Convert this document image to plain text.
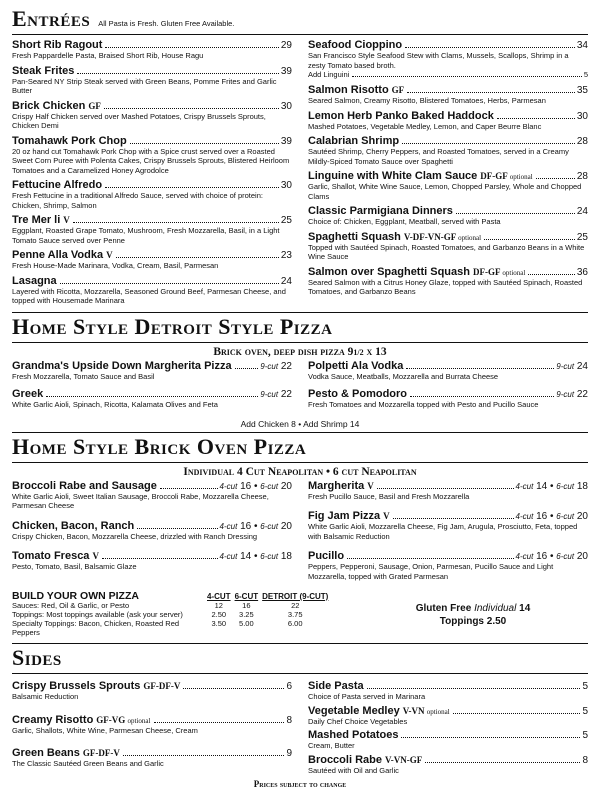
Entrées All Pasta is Fresh. Gluten Free Available.
Short Rib Ragout	29
Fresh Pappardelle Pasta, Braised Short Rib, House Ragu
Steak Frites	39
Pan-Seared NY Strip Steak served with Green Beans, Pomme Frites and Garlic Butter
Brick Chicken GF	30
Crispy Half Chicken served over Mashed Potatoes, Crispy Brussels Sprouts, Chicken Demi
Tomahawk Pork Chop	39
20 oz hand cut Tomahawk Pork Chop with a Spice crust served over a Roasted Sweet Corn Puree with Polenta Cakes, Crispy Brussels Sprouts, Blistered Heirloom Tomatoes and a Caramelized Honey Agrodolce
Fettucine Alfredo	30
Fresh Fettucine in a traditional Alfredo Sauce, served with choice of protein: Chicken, Shrimp, Salmon
Tre Mer li V	25
Eggplant, Roasted Grape Tomato, Mushroom, Fresh Mozzarella, Basil, in a Light Tomato Sauce served over Penne
Penne Alla Vodka V	23
Fresh House-Made Marinara, Vodka, Cream, Basil, Parmesan
Lasagna	24
Layered with Ricotta, Mozzarella, Seasoned Ground Beef, Parmesan Cheese, and topped with Housemade Marinara
Seafood Cioppino	34
San Francisco Style Seafood Stew with Clams, Mussels, Scallops, Shrimp in a zesty Tomato based broth.
Add Linguini	5
Salmon Risotto GF	35
Seared Salmon, Creamy Risotto, Blistered Tomatoes, Herbs, Parmesan
Lemon Herb Panko Baked Haddock	30
Mashed Potatoes, Vegetable Medley, Lemon, and Caper Beurre Blanc
Calabrian Shrimp	28
Sautéed Shrimp, Cherry Peppers, and Roasted Tomatoes, served in a Creamy Mildly-Spiced Tomato Sauce over Spaghetti
Linguine with White Clam Sauce DF-GF optional	28
Garlic, Shallot, White Wine Sauce, Lemon, Chopped Parsley, Whole and Chopped Clams
Classic Parmigiana Dinners	24
Choice of: Chicken, Eggplant, Meatball, served with Pasta
Spaghetti Squash V-DF-VN-GF optional	25
Topped with Sautéed Spinach, Roasted Tomatoes, and Garbanzo Beans in a White Wine Sauce
Salmon over Spaghetti Squash DF-GF optional	36
Seared Salmon with a Citrus Honey Glaze, topped with Sautéed Spinach, Roasted Tomatoes, and Garbanzo Beans
Home Style Detroit Style Pizza
Brick oven, deep dish pizza 91/2 x 13
Grandma's Upside Down Margherita Pizza	9-cut 22
Fresh Mozzarella, Tomato Sauce and Basil
Greek	9-cut 22
White Garlic Aioli, Spinach, Ricotta, Kalamata Olives and Feta
Polpetti Ala Vodka	9-cut 24
Vodka Sauce, Meatballs, Mozzarella and Burrata Cheese
Pesto & Pomodoro	9-cut 22
Fresh Tomatoes and Mozzarella topped with Pesto and Pucillo Sauce
Add Chicken 8 • Add Shrimp 14
Home Style Brick Oven Pizza
Individual 4 Cut Neapolitan • 6 cut Neapolitan
Broccoli Rabe and Sausage	4-cut 16 • 6-cut 20
White Garlic Aioli, Sweet Italian Sausage, Broccoli Rabe, Mozzarella Cheese, Parmesan Cheese
Chicken, Bacon, Ranch	4-cut 16 • 6-cut 20
Crispy Chicken, Bacon, Mozzarella Cheese, drizzled with Ranch Dressing
Tomato Fresca V	4-cut 14 • 6-cut 18
Pesto, Tomato, Basil, Balsamic Glaze
Margherita V	4-cut 14 • 6-cut 18
Fresh Pucillo Sauce, Basil and Fresh Mozzarella
Fig Jam Pizza V	4-cut 16 • 6-cut 20
White Garlic Aioli, Mozzarella Cheese, Fig Jam, Arugula, Prosciutto, Feta, topped with Balsamic Reduction
Pucillo	4-cut 16 • 6-cut 20
Peppers, Pepperoni, Sausage, Onion, Parmesan, Pucillo Sauce and Light Mozzarella, topped with Grated Parmesan
BUILD YOUR OWN PIZZA	4-CUT	6-CUT	DETROIT (9-CUT)
Sauces: Red, Oil & Garlic, or Pesto	12	16	22
Toppings: Most toppings available (ask your server)	2.50	3.25	3.75
Specialty Toppings: Bacon, Chicken, Roasted Red Peppers	3.50	5.00	6.00
Gluten Free Individual 14
Toppings 2.50
Sides
Crispy Brussels Sprouts GF-DF-V	6
Balsamic Reduction
Creamy Risotto GF-VG optional	8
Garlic, Shallots, White Wine, Parmesan Cheese, Cream
Green Beans GF-DF-V	9
The Classic Sautéed Green Beans and Garlic
Side Pasta	5
Choice of Pasta served in Marinara
Vegetable Medley V-VN optional	5
Daily Chef Choice Vegetables
Mashed Potatoes	5
Cream, Butter
Broccoli Rabe V-VN-GF	8
Sautéed with Oil and Garlic
Prices subject to change
